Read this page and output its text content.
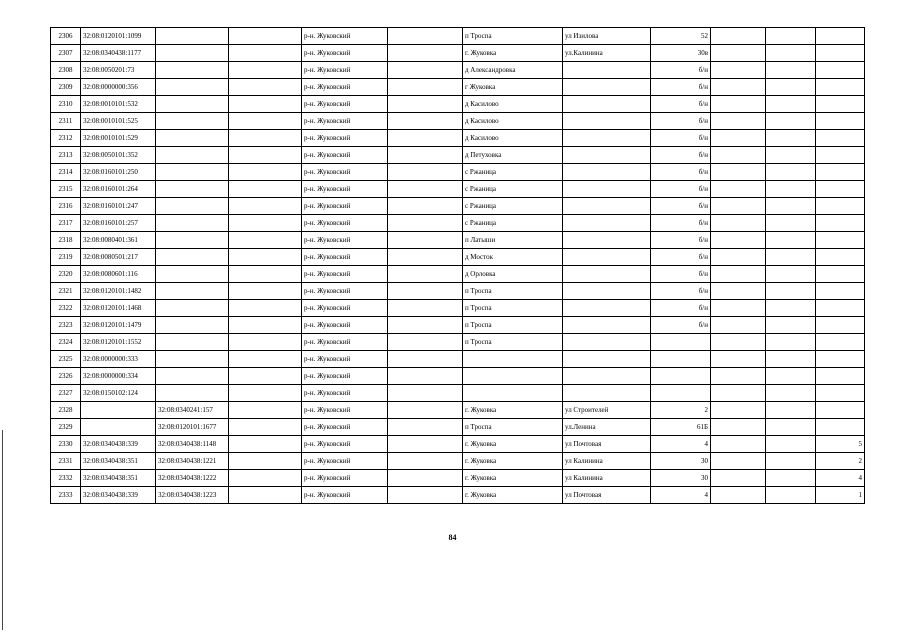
2306	32:08:0120101:1099			р-н. Жуковский		п Троспа	ул Изилова	52			
2307	32:08:0340438:1177			р-н. Жуковский		г. Жуковка	ул.Калинина	30в			
2308	32:08:0050201:73			р-н. Жуковский		д Александровка		б/н			
2309	32:08:0000000:356			р-н. Жуковский		г Жуковка		б/н			
2310	32:08:0010101:532			р-н. Жуковский		д Касилово		б/н			
2311	32:08:0010101:525			р-н. Жуковский		д Касилово		б/н			
2312	32:08:0010101:529			р-н. Жуковский		д Касилово		б/н			
2313	32:08:0050101:352			р-н. Жуковский		д Петуховка		б/н			
2314	32:08:0160101:250			р-н. Жуковский		с Ржаница		б/н			
2315	32:08:0160101:264			р-н. Жуковский		с Ржаница		б/н			
2316	32:08:0160101:247			р-н. Жуковский		с Ржаница		б/н			
2317	32:08:0160101:257			р-н. Жуковский		с Ржаница		б/н			
2318	32:08:0080401:361			р-н. Жуковский		п Латыши		б/н			
2319	32:08:0080501:217			р-н. Жуковский		д Мосток		б/н			
2320	32:08:0080601:116			р-н. Жуковский		д Орловка		б/н			
2321	32:08:0120101:1482			р-н. Жуковский		п Троспа		б/н			
2322	32:08:0120101:1468			р-н. Жуковский		п Троспа		б/н			
2323	32:08:0120101:1479			р-н. Жуковский		п Троспа		б/н			
2324	32:08:0120101:1552			р-н. Жуковский		п Троспа					
2325	32:08:0000000:333			р-н. Жуковский							
2326	32:08:0000000:334			р-н. Жуковский							
2327	32:08:0150102:124			р-н. Жуковский							
2328		32:08:0340241:157		р-н. Жуковский		г. Жуковка	ул Строителей	2			
2329		32:08:0120101:1677		р-н. Жуковский		п Троспа	ул.Ленина	61Б			
2330	32:08:0340438:339	32:08:0340438:1148		р-н. Жуковский		г. Жуковка	ул Почтовая	4			5
2331	32:08:0340438:351	32:08:0340438:1221		р-н. Жуковский		г. Жуковка	ул Калинина	30			2
2332	32:08:0340438:351	32:08:0340438:1222		р-н. Жуковский		г. Жуковка	ул Калинина	30			4
2333	32:08:0340438:339	32:08:0340438:1223		р-н. Жуковский		г. Жуковка	ул Почтовая	4			1
84
